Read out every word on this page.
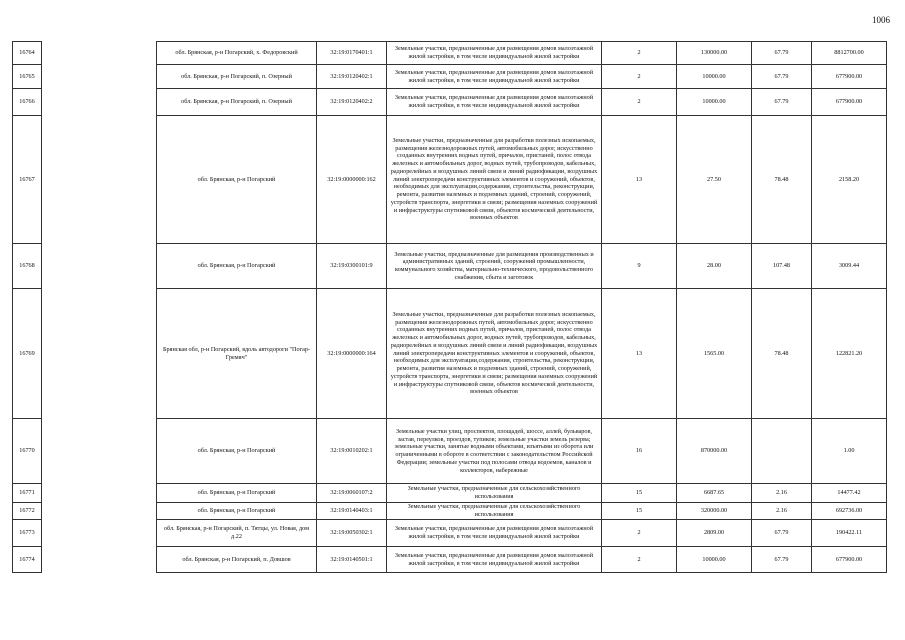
1006
16764		обл. Брянская, р-н Погарский, х. Федоровский	32:19:0170401:1	Земельные участки, предназначенные для размещения домов малоэтажной жилой застройки, в том числе индивидуальной жилой застройки	2	130000.00	67.79	8812700.00
16765		обл. Брянская, р-н Погарский, п. Озерный	32:19:0120402:1	Земельные участки, предназначенные для размещения домов малоэтажной жилой застройки, в том числе индивидуальной жилой застройки	2	10000.00	67.79	677900.00
16766		обл. Брянская, р-н Погарский, п. Озерный	32:19:0120402:2	Земельные участки, предназначенные для размещения домов малоэтажной жилой застройки, в том числе индивидуальной жилой застройки	2	10000.00	67.79	677900.00
16767		обл. Брянская, р-н Погарский	32:19:0000000:162	Земельные участки, предназначенные для разработки полезных ископаемых, размещения железнодорожных путей, автомобильных дорог, искусственно созданных внутренних водных путей, причалов, пристаней, полос отвода железных и автомобильных дорог, водных путей, трубопроводов, кабельных, радиорелейных и воздушных линий связи и линий радиофикации, воздушных линий электропередачи конструктивных элементов и сооружений, объектов, необходимых для эксплуатации,содержания, строительства, реконструкции, ремонта, развития наземных и подземных зданий, строений, сооружений, устройств транспорта, энергетики и связи; размещения наземных сооружений и инфраструктуры спутниковой связи, объектов космической деятельности, военных объектов	13	27.50	78.48	2158.20
16768		обл. Брянская, р-н Погарский	32:19:0300101:9	Земельные участки, предназначенные для размещения производственных и административных зданий, строений, сооружений промышленности, коммунального хозяйства, материально-технического, продовольственного снабжения, сбыта и заготовок	9	28.00	107.48	3009.44
16769		Брянская обл, р-н Погарский, вдоль автодороги "Погар-Гремяч"	32:19:0000000:164	Земельные участки, предназначенные для разработки полезных ископаемых, размещения железнодорожных путей, автомобильных дорог, искусственно созданных внутренних водных путей, причалов, пристаней, полос отвода железных и автомобильных дорог, водных путей, трубопроводов, кабельных, радиорелейных и воздушных линий связи и линий радиофикации, воздушных линий электропередачи конструктивных элементов и сооружений, объектов, необходимых для эксплуатации,содержания, строительства, реконструкции, ремонта, развития наземных и подземных зданий, строений, сооружений, устройств транспорта, энергетики и связи; размещения наземных сооружений и инфраструктуры спутниковой связи, объектов космической деятельности, военных объектов	13	1565.00	78.48	122821.20
16770		обл. Брянская, р-н Погарский	32:19:0010202:1	Земельные участки улиц, проспектов, площадей, шоссе, аллей, бульваров, застав, переулков, проездов, тупиков; земельные участки земель резерва; земельные участки, занятые водными объектами, изъятыми из оборота или ограниченными в обороте в соответствии с законодательством Российской Федерации; земельные участки под полосами отвода водоемов, каналов и коллекторов, набережные	16	870000.00		1.00
16771		обл. Брянская, р-н Погарский	32:19:0060107:2	Земельные участки, предназначенные для сельскохозяйственного использования	15	6687.65	2.16	14477.42
16772		обл. Брянская, р-н Погарский	32:19:0140403:1	Земельные участки, предназначенные для сельскохозяйственного использования	15	320000.00	2.16	692736.00
16773		обл. Брянская, р-н Погарский, п. Тятцы, ул. Новая, дом д.22	32:19:0050302:1	Земельные участки, предназначенные для размещения домов малоэтажной жилой застройки, в том числе индивидуальной жилой застройки	2	2809.00	67.79	190422.11
16774		обл. Брянская, р-н Погарский, п. Довшов	32:19:0140501:1	Земельные участки, предназначенные для размещения домов малоэтажной жилой застройки, в том числе индивидуальной жилой застройки	2	10000.00	67.79	677900.00
